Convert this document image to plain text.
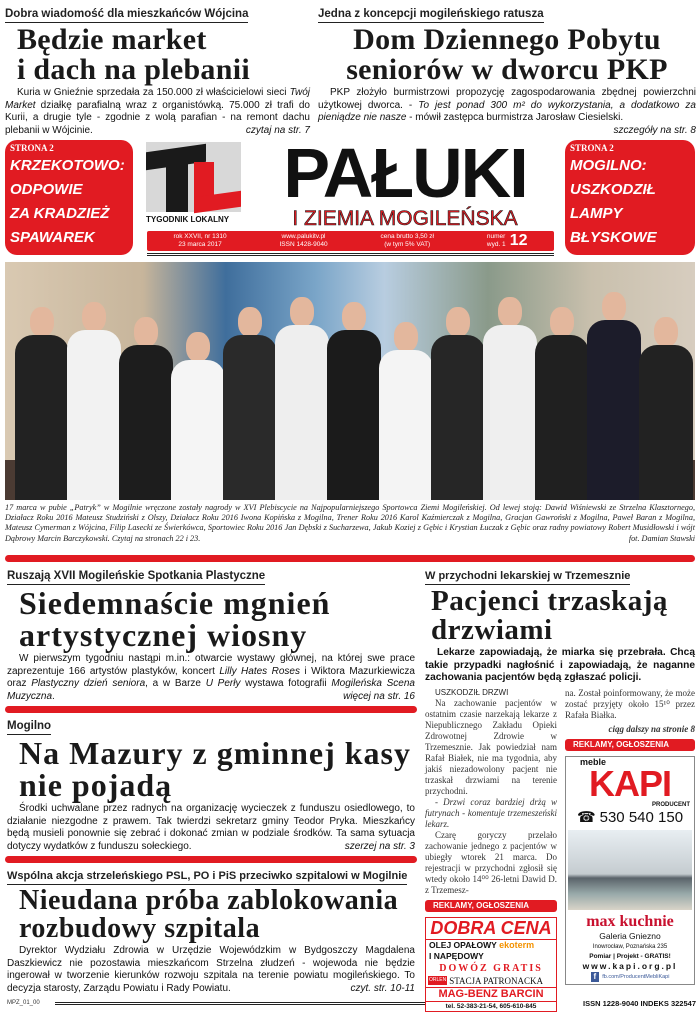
Dobra wiadomość dla mieszkańców Wójcina
Będzie market
i dach na plebanii
Kuria w Gnieźnie sprzedała za 150.000 zł właścicielowi sieci Twój Market działkę parafialną wraz z organistówką. 75.000 zł trafi do Kurii, a drugie tyle - zgodnie z wolą parafian - na remont dachu plebanii w Wójcinie.	czytaj na str. 7
Jedna z koncepcji mogileńskiego ratusza
Dom Dziennego Pobytu
seniorów w dworcu PKP
PKP złożyło burmistrzowi propozycję zagospodarowania zbędnej powierzchni użytkowej dworca. - To jest ponad 300 m² do wykorzystania, a dodatkowo za pieniądze nie nasze - mówił zastępca burmistrza Jarosław Ciesielski.
szczegóły na str. 8
STRONA 2
KRZEKOTOWO:
ODPOWIE
ZA KRADZIEŻ
SPAWAREK
STRONA 2
MOGILNO:
USZKODZIŁ
LAMPY
BŁYSKOWE
TYGODNIK LOKALNY
PAŁUKI
I ZIEMIA MOGILEŃSKA
rok XXVII, nr 1310
23 marca 2017
www.palukitv.pl
ISSN 1428-9040
cena brutto 3,50 zł
(w tym 5% VAT)
numer
wyd. 1 12
17 marca w pubie „Patryk” w Mogilnie wręczone zostały nagrody w XVI Plebiscycie na Najpopularniejszego Sportowca Ziemi Mogileńskiej. Od lewej stoją: Dawid Wiśniewski ze Strzelna Klasztornego, Działacz Roku 2016 Mateusz Studziński z Olszy, Działacz Roku 2016 Iwona Kopińska z Mogilna, Trener Roku 2016 Karol Kaźmierczak z Mogilna, Gracjan Gawroński z Mogilna, Paweł Baran z Mogilna, Mateusz Cymerman z Wójcina, Filip Lasecki ze Świerkówca, Sportowiec Roku 2016 Jan Dębski z Sucharzewa, Jakub Koziej z Gębic i Krystian Łuczak z Gębic oraz radny powiatowy Robert Musidłowski i wójt Dąbrowy Marcin Barczykowski. Czytaj na stronach 22 i 23.	fot. Damian Stawski
Ruszają XVII Mogileńskie Spotkania Plastyczne
Siedemnaście mgnień
artystycznej wiosny
W pierwszym tygodniu nastąpi m.in.: otwarcie wystawy głównej, na której swe prace zaprezentuje 166 artystów plastyków, koncert Lilly Hates Roses i Wiktora Mazurkiewicza oraz Plastyczny dzień seniora, a w Barze U Perły wystawa fotografii Mogileńska Scena Muzyczna.	więcej na str. 16
Mogilno
Na Mazury z gminnej kasy
nie pojadą
Środki uchwalane przez radnych na organizację wycieczek z funduszu osiedlowego, to działanie niezgodne z prawem. Tak twierdzi sekretarz gminy Teodor Pryka. Mieszkańcy będą musieli ponownie się zebrać i dokonać zmian w podziale środków. Ta sama sytuacja dotyczy wydatków z funduszu sołeckiego.	szerzej na str. 3
Wspólna akcja strzeleńskiego PSL, PO i PiS przeciwko szpitalowi w Mogilnie
Nieudana próba zablokowania
rozbudowy szpitala
Dyrektor Wydziału Zdrowia w Urzędzie Wojewódzkim w Bydgoszczy Magdalena Daszkiewicz nie pozostawia mieszkańcom Strzelna złudzeń - wojewoda nie będzie ingerował w tworzenie kierunków rozwoju szpitala na terenie powiatu mogileńskiego. To decyzja starosty, Zarządu Powiatu i Rady Powiatu.	czyt. str. 10-11
MPZ_01_00	ISSN 1228-9040 INDEKS 322547
W przychodni lekarskiej w Trzemesznie
Pacjenci trzaskają
drzwiami
Lekarze zapowiadają, że miarka się przebrała. Chcą takie przypadki nagłośnić i zapowiadają, że naganne zachowania pacjentów będą zgłaszać policji.
USZKODZIŁ DRZWI

Na zachowanie pacjentów w ostatnim czasie narzekają lekarze z Niepublicznego Zakładu Opieki Zdrowotnej Zdrowie w Trzemesznie. Jak powiedział nam Rafał Białek, nie ma tygodnia, aby jakiś niezadowolony pacjent nie trzaskał drzwiami na terenie przychodni.

- Drzwi coraz bardziej drżą w futrynach - komentuje trzemeszeński lekarz.

Czarę goryczy przelało zachowanie jednego z pacjentów w ubiegły wtorek 21 marca. Do rejestracji w przychodni zgłosił się wtedy około 14⁰⁰ 26-letni Dawid D. z Trzemesz-

REKLAMY, OGŁOSZENIA
DOBRA CENA
OLEJ OPAŁOWY ekoterm
I NAPĘDOWY
DOWÓZ GRATIS
ORLEN STACJA PATRONACKA
MAG-BENZ BARCIN
tel. 52-383-21-54, 605-610-845

na. Został poinformowany, że może zostać przyjęty około 15¹⁰ przez Rafała Białka.

ciąg dalszy na stronie 8

REKLAMY, OGŁOSZENIA
meble
KAPI
PRODUCENT
☎ 530 540 150
max kuchnie
Galeria Gniezno
Inowrocław, Poznańska 235
Pomiar | Projekt - GRATIS!
www.kapi.org.pl
f	fb.com/ProducentMebliKapi
